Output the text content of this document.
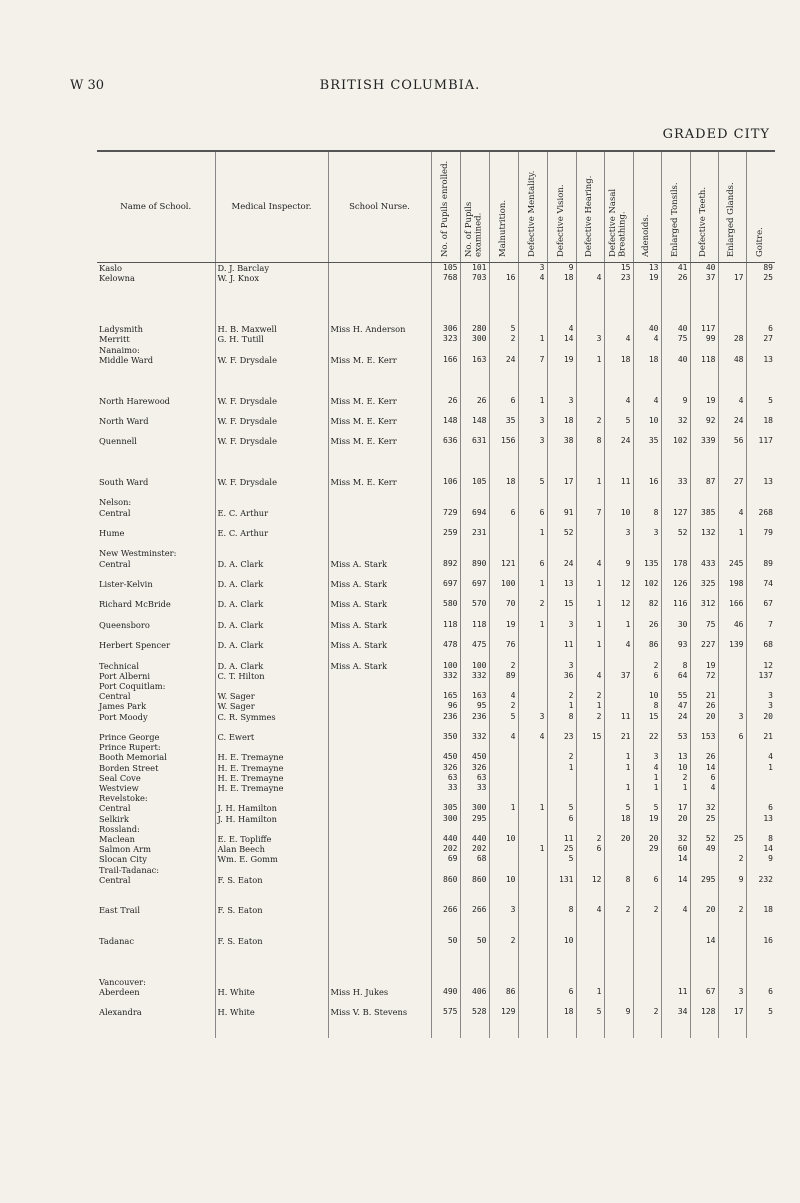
W 30	BRITISH COLUMBIA.
GRADED CITY
Name of School.	Medical Inspector.	School Nurse.	No. of Pupils enrolled.	No. of Pupils examined.	Malnutrition.	Defective Mentality.	Defective Vision.	Defective Hearing.	Defective Nasal Breathing.	Adenoids.	Enlarged Tonsils.	Defective Teeth.	Enlarged Glands.	Goitre.

Kaslo	D. J. Barclay		105	101		3	9		15	13	41	40		89
Kelowna	W. J. Knox		768	703	16	4	18	4	23	19	26	37	17	25

Ladysmith	H. B. Maxwell	Miss H. Anderson	306	280	5		4			40	40	117		6
Merritt	G. H. Tutill		323	300	2	1	14	3	4	4	75	99	28	27
Nanaimo:														
Middle Ward	W. F. Drysdale	Miss M. E. Kerr	166	163	24	7	19	1	18	18	40	118	48	13

North Harewood	W. F. Drysdale	Miss M. E. Kerr	26	26	6	1	3		4	4	9	19	4	5

North Ward	W. F. Drysdale	Miss M. E. Kerr	148	148	35	3	18	2	5	10	32	92	24	18

Quennell	W. F. Drysdale	Miss M. E. Kerr	636	631	156	3	38	8	24	35	102	339	56	117

South Ward	W. F. Drysdale	Miss M. E. Kerr	106	105	18	5	17	1	11	16	33	87	27	13

Nelson:														
Central	E. C. Arthur		729	694	6	6	91	7	10	8	127	385	4	268

Hume	E. C. Arthur		259	231		1	52		3	3	52	132	1	79

New Westminster:														
Central	D. A. Clark	Miss A. Stark	892	890	121	6	24	4	9	135	178	433	245	89

Lister-Kelvin	D. A. Clark	Miss A. Stark	697	697	100	1	13	1	12	102	126	325	198	74

Richard McBride	D. A. Clark	Miss A. Stark	580	570	70	2	15	1	12	82	116	312	166	67

Queensboro	D. A. Clark	Miss A. Stark	118	118	19	1	3	1	1	26	30	75	46	7

Herbert Spencer	D. A. Clark	Miss A. Stark	478	475	76		11	1	4	86	93	227	139	68

Technical	D. A. Clark	Miss A. Stark	100	100	2		3			2	8	19		12
Port Alberni	C. T. Hilton		332	332	89		36	4	37	6	64	72		137
Port Coquitlam:														
Central	W. Sager		165	163	4		2	2		10	55	21		3
James Park	W. Sager		96	95	2		1	1		8	47	26		3
Port Moody	C. R. Symmes		236	236	5	3	8	2	11	15	24	20	3	20

Prince George	C. Ewert		350	332	4	4	23	15	21	22	53	153	6	21
Prince Rupert:														
Booth Memorial	H. E. Tremayne		450	450			2		1	3	13	26		4
Borden Street	H. E. Tremayne		326	326			1		1	4	10	14		1
Seal Cove	H. E. Tremayne		63	63						1	2	6		
Westview	H. E. Tremayne		33	33					1	1	1	4		
Revelstoke:														
Central	J. H. Hamilton		305	300	1	1	5		5	5	17	32		6
Selkirk	J. H. Hamilton		300	295			6		18	19	20	25		13
Rossland:														
Maclean	E. E. Topliffe		440	440	10		11	2	20	20	32	52	25	8
Salmon Arm	Alan Beech		202	202		1	25	6		29	60	49		14
Slocan City	Wm. E. Gomm		69	68			5				14		2	9
Trail-Tadanac:														
Central	F. S. Eaton		860	860	10		131	12	8	6	14	295	9	232

East Trail	F. S. Eaton		266	266	3		8	4	2	2	4	20	2	18

Tadanac	F. S. Eaton		50	50	2		10					14		16

Vancouver:														
Aberdeen	H. White	Miss H. Jukes	490	406	86		6	1			11	67	3	6

Alexandra	H. White	Miss V. B. Stevens	575	528	129		18	5	9	2	34	128	17	5
